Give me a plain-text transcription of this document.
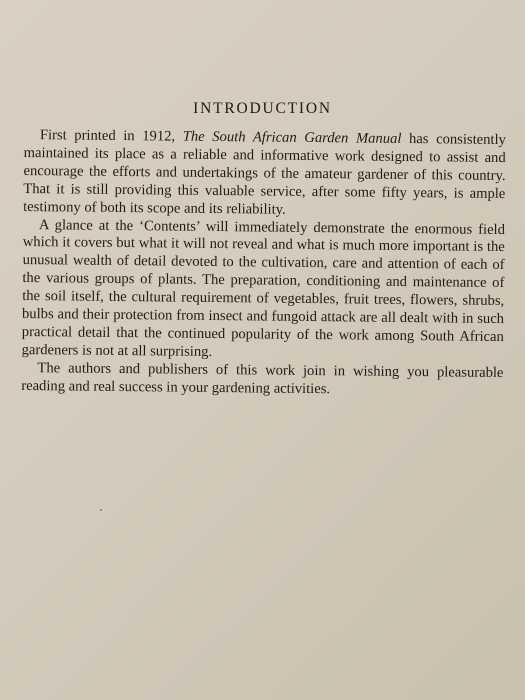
INTRODUCTION

First printed in 1912, The South African Garden Manual has consistently maintained its place as a reliable and informative work designed to assist and encourage the efforts and undertakings of the amateur gardener of this country. That it is still providing this valuable service, after some fifty years, is ample testimony of both its scope and its reliability.

A glance at the ‘Contents’ will immediately demonstrate the enormous field which it covers but what it will not reveal and what is much more important is the unusual wealth of detail devoted to the cultivation, care and attention of each of the various groups of plants. The preparation, conditioning and maintenance of the soil itself, the cultural requirement of vegetables, fruit trees, flowers, shrubs, bulbs and their protection from insect and fungoid attack are all dealt with in such practical detail that the continued popularity of the work among South African gardeners is not at all surprising.

The authors and publishers of this work join in wishing you pleasurable reading and real success in your gardening activities.
